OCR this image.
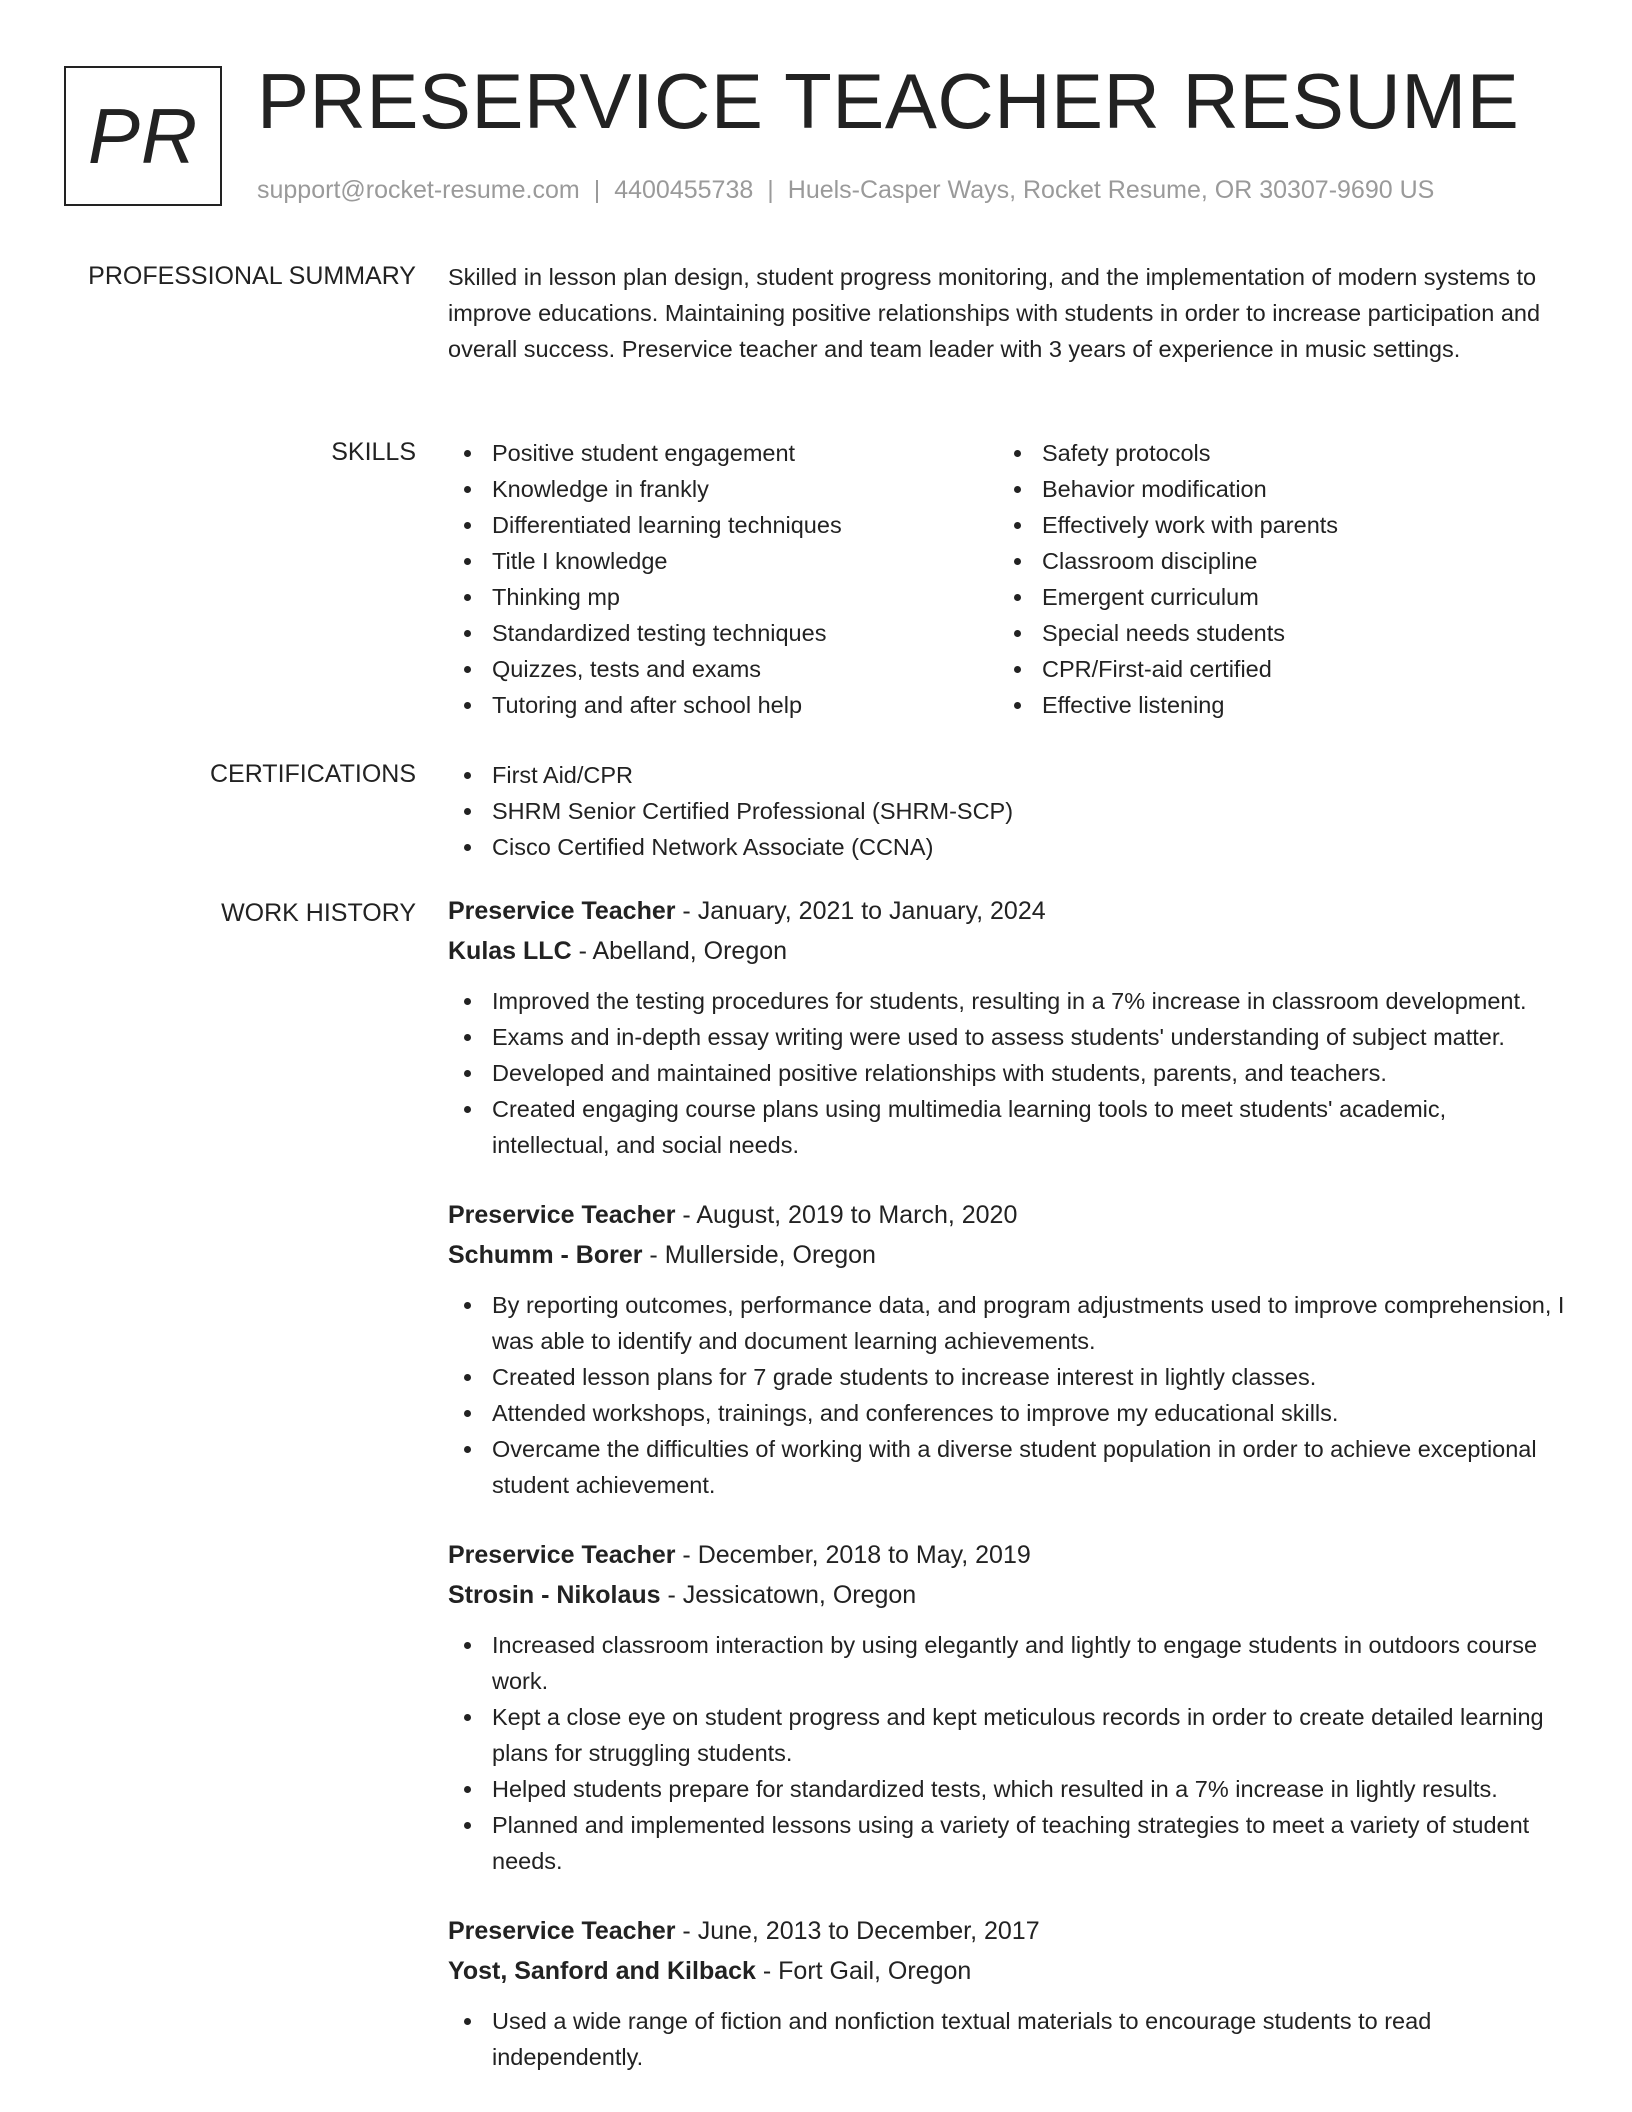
PR PRESERVICE TEACHER RESUME
support@rocket-resume.com | 4400455738 | Huels-Casper Ways, Rocket Resume, OR 30307-9690 US
PROFESSIONAL SUMMARY Skilled in lesson plan design, student progress monitoring, and the implementation of modern systems to improve educations. Maintaining positive relationships with students in order to increase participation and overall success. Preservice teacher and team leader with 3 years of experience in music settings.

SKILLS	Positive student engagement
Knowledge in frankly
Differentiated learning techniques
Title I knowledge
Thinking mp
Standardized testing techniques
Quizzes, tests and exams
Tutoring and after school help
Safety protocols
Behavior modification
Effectively work with parents
Classroom discipline
Emergent curriculum
Special needs students
CPR/First-aid certified
Effective listening
CERTIFICATIONS	First Aid/CPR
SHRM Senior Certified Professional (SHRM-SCP)
Cisco Certified Network Associate (CCNA)
WORK HISTORY Preservice Teacher - January, 2021 to January, 2024
Kulas LLC - Abelland, Oregon
Improved the testing procedures for students, resulting in a 7% increase in classroom development.
Exams and in-depth essay writing were used to assess students' understanding of subject matter.
Developed and maintained positive relationships with students, parents, and teachers.
Created engaging course plans using multimedia learning tools to meet students' academic, intellectual, and social needs.
Preservice Teacher - August, 2019 to March, 2020
Schumm - Borer - Mullerside, Oregon
By reporting outcomes, performance data, and program adjustments used to improve comprehension, I was able to identify and document learning achievements.
Created lesson plans for 7 grade students to increase interest in lightly classes.
Attended workshops, trainings, and conferences to improve my educational skills.
Overcame the difficulties of working with a diverse student population in order to achieve exceptional student achievement.
Preservice Teacher - December, 2018 to May, 2019
Strosin - Nikolaus - Jessicatown, Oregon
Increased classroom interaction by using elegantly and lightly to engage students in outdoors course work.
Kept a close eye on student progress and kept meticulous records in order to create detailed learning plans for struggling students.
Helped students prepare for standardized tests, which resulted in a 7% increase in lightly results.
Planned and implemented lessons using a variety of teaching strategies to meet a variety of student needs.
Preservice Teacher - June, 2013 to December, 2017
Yost, Sanford and Kilback - Fort Gail, Oregon
Used a wide range of fiction and nonfiction textual materials to encourage students to read independently.
